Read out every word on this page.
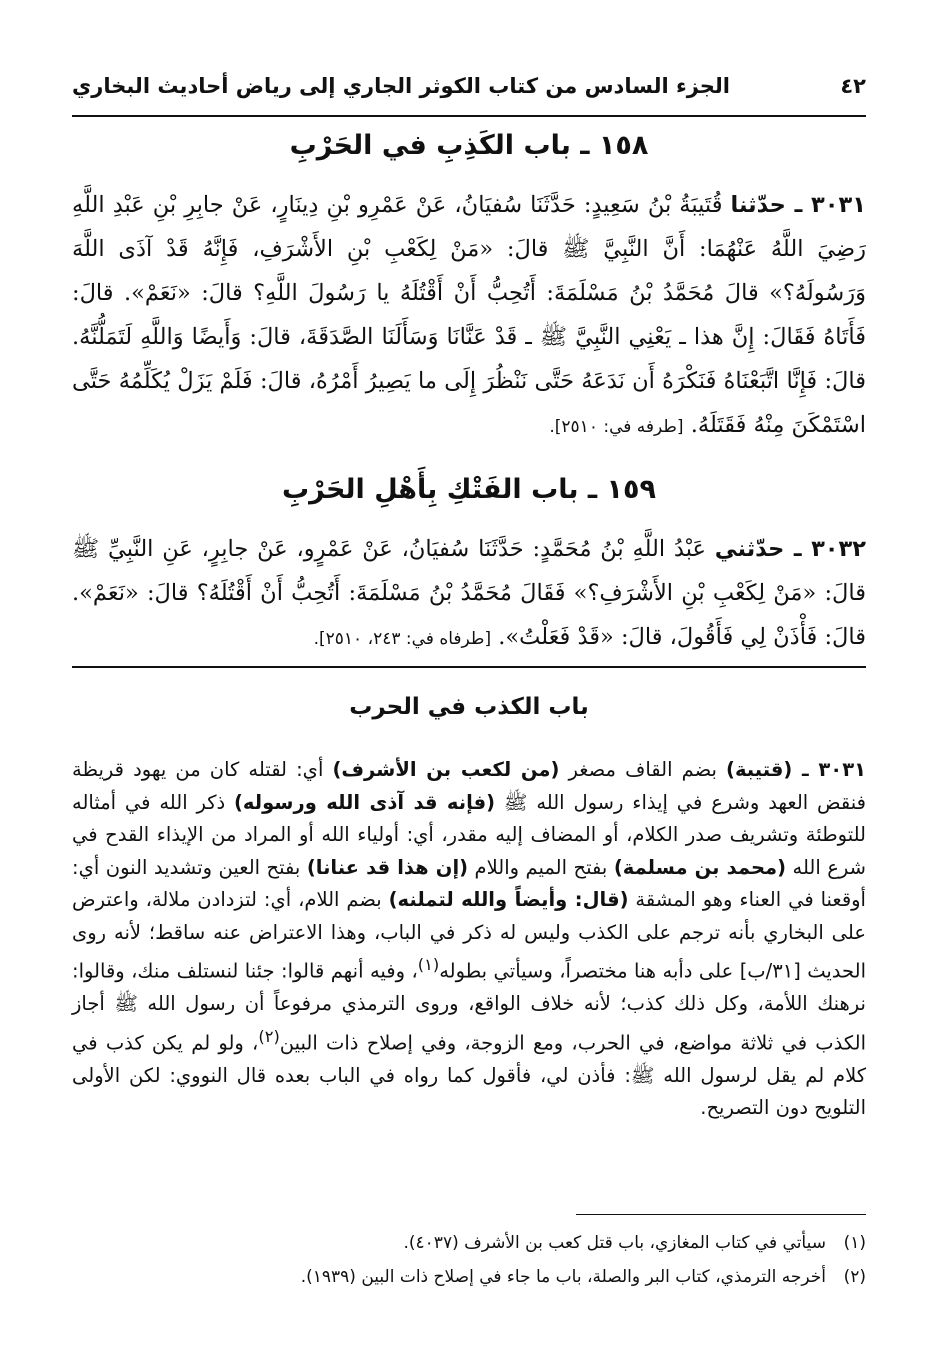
٤٢
الجزء السادس من كتاب الكوثر الجاري إلى رياض أحاديث البخاري
١٥٨ ـ باب الكَذِبِ في الحَرْبِ
٣٠٣١ ـ حدّثنا قُتَيبَةُ بْنُ سَعِيدٍ: حَدَّثَنَا سُفيَانُ، عَنْ عَمْرِو بْنِ دِينَارٍ، عَنْ جابِرِ بْنِ عَبْدِ اللَّهِ رَضِيَ اللَّهُ عَنْهُمَا: أَنَّ النَّبِيَّ ﷺ قالَ: «مَنْ لِكَعْبِ بْنِ الأَشْرَفِ، فَإِنَّهُ قَدْ آذَى اللَّهَ وَرَسُولَهُ؟» قالَ مُحَمَّدُ بْنُ مَسْلَمَةَ: أَتُحِبُّ أَنْ أَقْتُلَهُ يا رَسُولَ اللَّهِ؟ قالَ: «نَعَمْ». قالَ: فَأَتَاهُ فَقَالَ: إِنَّ هذا ـ يَعْنِي النَّبِيَّ ﷺ ـ قَدْ عَنَّانَا وَسَأَلَنَا الصَّدَقَةَ، قالَ: وَأَيضًا وَاللَّهِ لَتَمَلُّنَّهُ. قالَ: فَإِنَّا اتَّبَعْنَاهُ فَنَكْرَهُ أَن نَدَعَهُ حَتَّى نَنْظُرَ إِلَى ما يَصِيرُ أَمْرُهُ، قالَ: فَلَمْ يَزَلْ يُكَلِّمُهُ حَتَّى اسْتَمْكَنَ مِنْهُ فَقَتَلَهُ. [طرفه في: ٢٥١٠].
١٥٩ ـ باب الفَتْكِ بِأَهْلِ الحَرْبِ
٣٠٣٢ ـ حدّثني عَبْدُ اللَّهِ بْنُ مُحَمَّدٍ: حَدَّثَنَا سُفيَانُ، عَنْ عَمْرٍو، عَنْ جابِرٍ، عَنِ النَّبِيِّ ﷺ قالَ: «مَنْ لِكَعْبِ بْنِ الأَشْرَفِ؟» فَقَالَ مُحَمَّدُ بْنُ مَسْلَمَةَ: أَتُحِبُّ أَنْ أَقْتُلَهُ؟ قالَ: «نَعَمْ». قالَ: فَأْذَنْ لِي فَأَقُولَ، قالَ: «قَدْ فَعَلْتُ». [طرفاه في: ٢٤٣، ٢٥١٠].
باب الكذب في الحرب
٣٠٣١ ـ (قتيبة) بضم القاف مصغر (من لكعب بن الأشرف) أي: لقتله كان من يهود قريظة فنقض العهد وشرع في إيذاء رسول الله ﷺ (فإنه قد آذى الله ورسوله) ذكر الله في أمثاله للتوطئة وتشريف صدر الكلام، أو المضاف إليه مقدر، أي: أولياء الله أو المراد من الإيذاء القدح في شرع الله (محمد بن مسلمة) بفتح الميم واللام (إن هذا قد عنانا) بفتح العين وتشديد النون أي: أوقعنا في العناء وهو المشقة (قال: وأيضاً والله لتملنه) بضم اللام، أي: لتزدادن ملالة، واعترض على البخاري بأنه ترجم على الكذب وليس له ذكر في الباب، وهذا الاعتراض عنه ساقط؛ لأنه روى الحديث [٣١/ب] على دأبه هنا مختصراً، وسيأتي بطوله$^{(١)}$، وفيه أنهم قالوا: جئنا لنستلف منك، وقالوا: نرهنك اللأمة، وكل ذلك كذب؛ لأنه خلاف الواقع، وروى الترمذي مرفوعاً أن رسول الله ﷺ أجاز الكذب في ثلاثة مواضع، في الحرب، ومع الزوجة، وفي إصلاح ذات البين$^{(٢)}$، ولو لم يكن كذب في كلام لم يقل لرسول الله ﷺ: فأذن لي، فأقول كما رواه في الباب بعده قال النووي: لكن الأولى التلويح دون التصريح.
(١)سيأتي في كتاب المغازي، باب قتل كعب بن الأشرف (٤٠٣٧).
(٢)أخرجه الترمذي، كتاب البر والصلة، باب ما جاء في إصلاح ذات البين (١٩٣٩).
